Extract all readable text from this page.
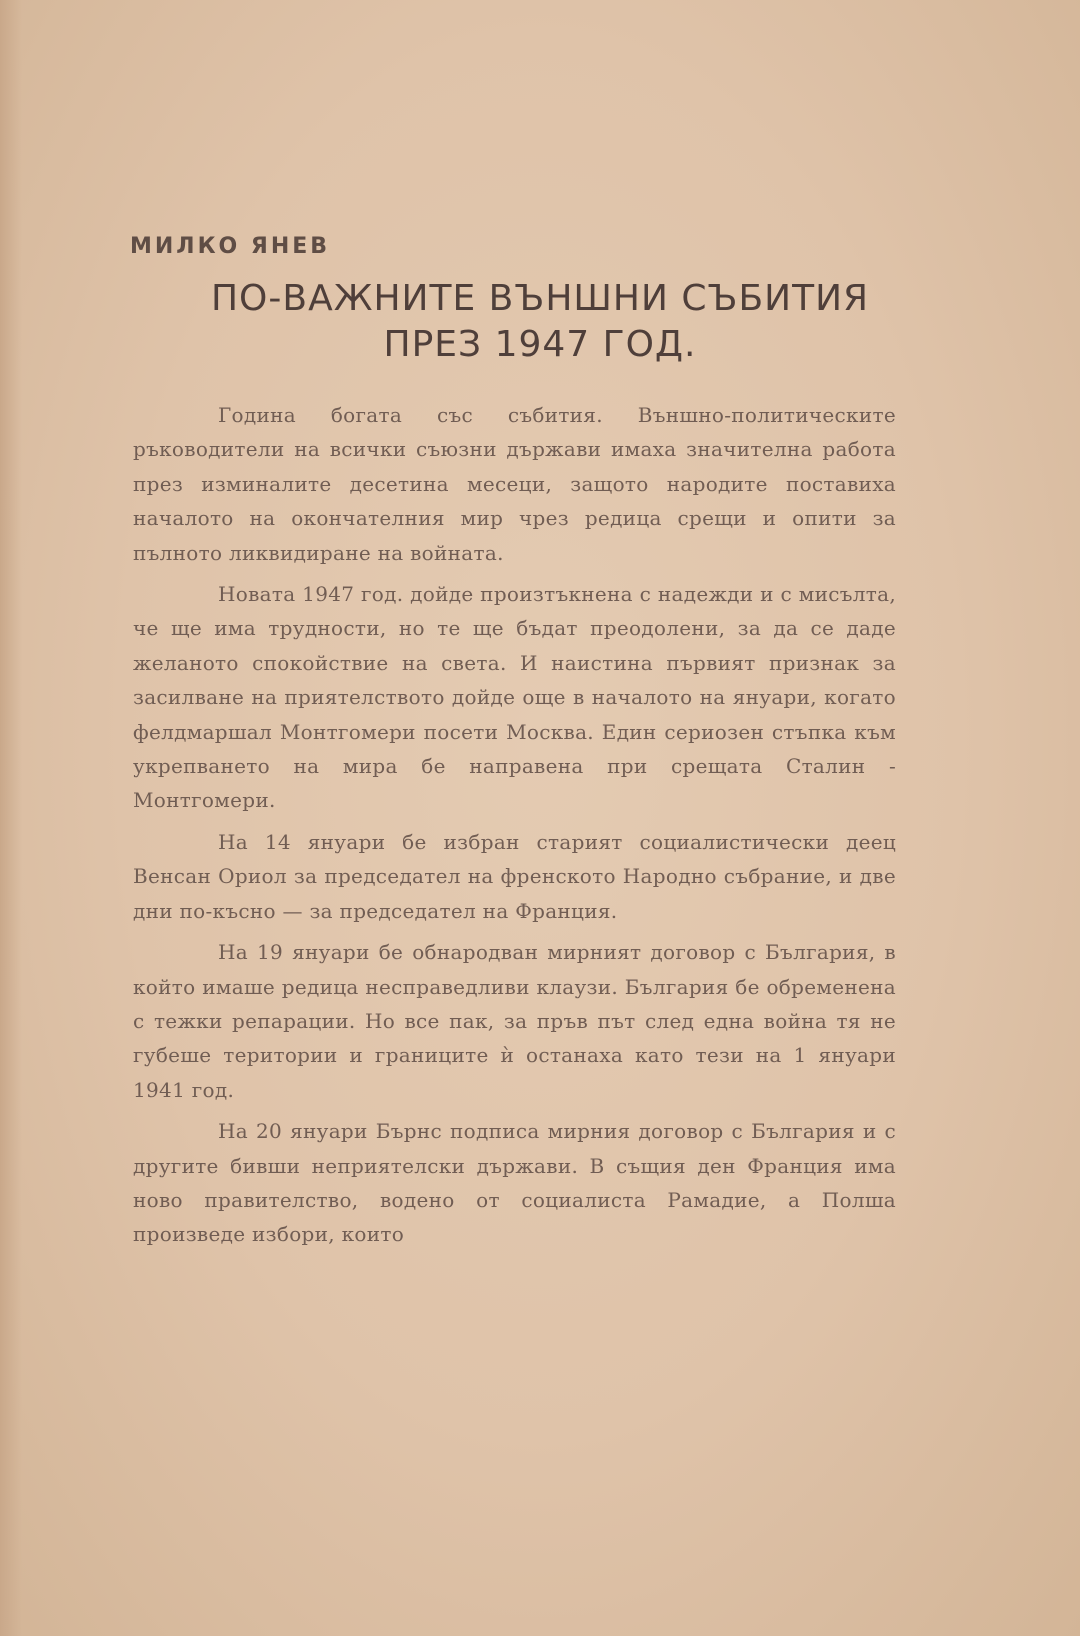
МИЛКО ЯНЕВ
ПО-ВАЖНИТЕ ВЪНШНИ СЪБИТИЯ
ПРЕЗ 1947 ГОД.

Година богата със събития. Външно-политическите ръководители на всички съюзни държави имаха значителна работа през изминалите десетина месеци, защото народите поставиха началото на окончателния мир чрез редица срещи и опити за пълното ликвидиране на войната.

Новата 1947 год. дойде произтъкнена с надежди и с мисълта, че ще има трудности, но те ще бъдат преодолени, за да се даде желаното спокойствие на света. И наистина първият признак за засилване на приятелството дойде още в началото на януари, когато фелдмаршал Монтгомери посети Москва. Един сериозен стъпка към укрепването на мира бе направена при срещата Сталин - Монтгомери.

На 14 януари бе избран старият социалистически деец Венсан Ориол за председател на френското Народно събрание, и две дни по-късно — за председател на Франция.

На 19 януари бе обнародван мирният договор с България, в който имаше редица несправедливи клаузи. България бе обременена с тежки репарации. Но все пак, за пръв път след една война тя не губеше територии и границите ѝ останаха като тези на 1 януари 1941 год.

На 20 януари Бърнс подписа мирния договор с България и с другите бивши неприятелски държави. В същия ден Франция има ново правителство, водено от социалиста Рамадие, а Полша произведе избори, които
